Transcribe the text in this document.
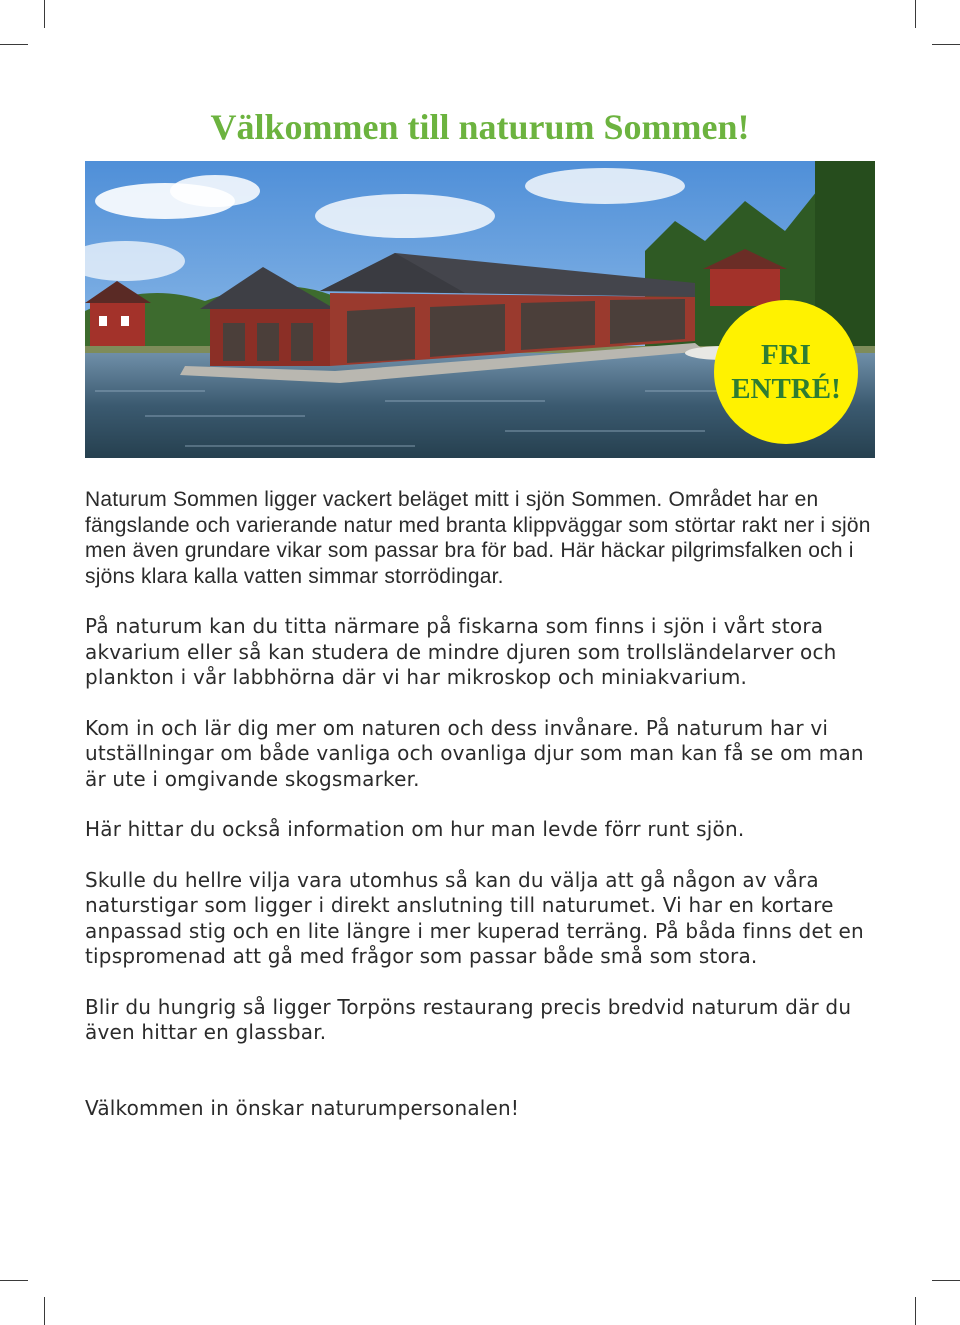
Välkommen till naturum Sommen!
FRI
ENTRÉ!

Naturum Sommen ligger vackert beläget mitt i sjön Sommen. Området har en fängslande och varierande natur med branta klippväggar som störtar rakt ner i sjön men även grundare vikar som passar bra för bad. Här häckar pilgrimsfalken och i sjöns klara kalla vatten simmar storrödingar.

På naturum kan du titta närmare på fiskarna som finns i sjön i vårt stora akvarium eller så kan studera de mindre djuren som trollsländelarver och plankton i vår labbhörna där vi har mikroskop och miniakvarium.

Kom in och lär dig mer om naturen och dess invånare. På naturum har vi utställningar om både vanliga och ovanliga djur som man kan få se om man är ute i omgivande skogsmarker.

Här hittar du också information om hur man levde förr runt sjön.

Skulle du hellre vilja vara utomhus så kan du välja att gå någon av våra naturstigar som ligger i direkt anslutning till naturumet. Vi har en kortare anpassad stig och en lite längre i mer kuperad terräng. På båda finns det en tipspromenad att gå med frågor som passar både små som stora.

Blir du hungrig så ligger Torpöns restaurang precis bredvid naturum där du även hittar en glassbar.

Välkommen in önskar naturumpersonalen!
